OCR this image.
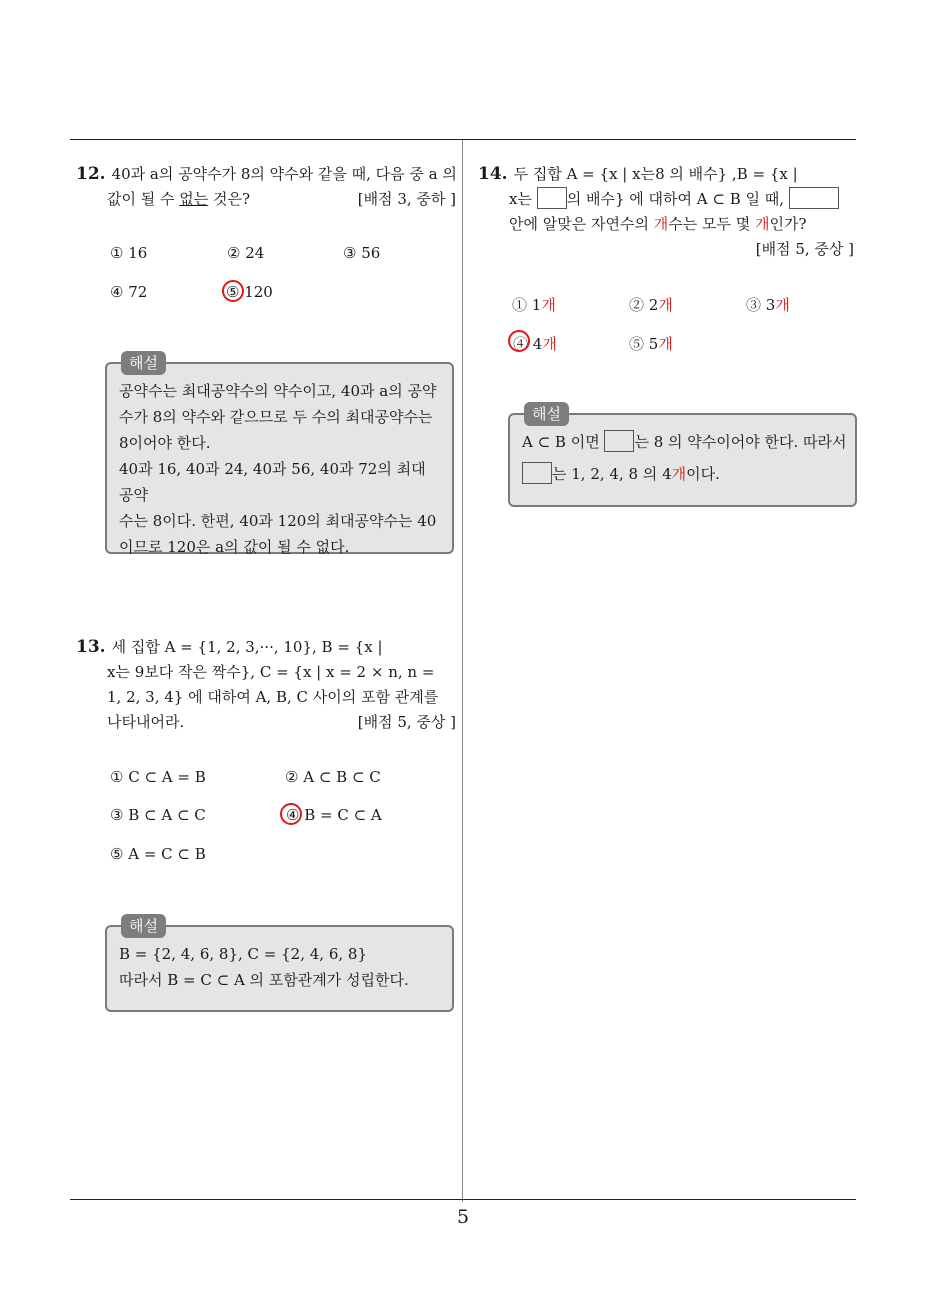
5
12. 40과 a의 공약수가 8의 약수와 같을 때, 다음 중 a 의
값이 될 수 없는 것은?	[배점 3, 중하 ]
① 16	② 24	③ 56
④ 72	⑤ 120
해설
공약수는 최대공약수의 약수이고, 40과 a의 공약
수가 8의 약수와 같으므로 두 수의 최대공약수는
8이어야 한다.
40과 16, 40과 24, 40과 56, 40과 72의 최대공약
수는 8이다. 한편, 40과 120의 최대공약수는 40
이므로 120은 a의 값이 될 수 없다.
13. 세 집합 A = {1, 2, 3,···, 10}, B = {x |
x는 9보다 작은 짝수}, C = {x | x = 2 × n, n =
1, 2, 3, 4} 에 대하여 A, B, C 사이의 포함 관계를
나타내어라.	[배점 5, 중상 ]
① C ⊂ A = B	② A ⊂ B ⊂ C
③ B ⊂ A ⊂ C	④ B = C ⊂ A
⑤ A = C ⊂ B
해설
B = {2, 4, 6, 8}, C = {2, 4, 6, 8}
따라서 B = C ⊂ A 의 포함관계가 성립한다.
14. 두 집합 A = {x | x는8 의 배수} ,B = {x |
x는 의 배수} 에 대하여 A ⊂ B 일 때,
안에 알맞은 자연수의 개수는 모두 몇 개인가?
[배점 5, 중상 ]
① 1개	② 2개	③ 3개
④ 4개	⑤ 5개
해설
A ⊂ B 이면 는 8 의 약수이어야 한다. 따라서
는 1, 2, 4, 8 의 4개이다.
